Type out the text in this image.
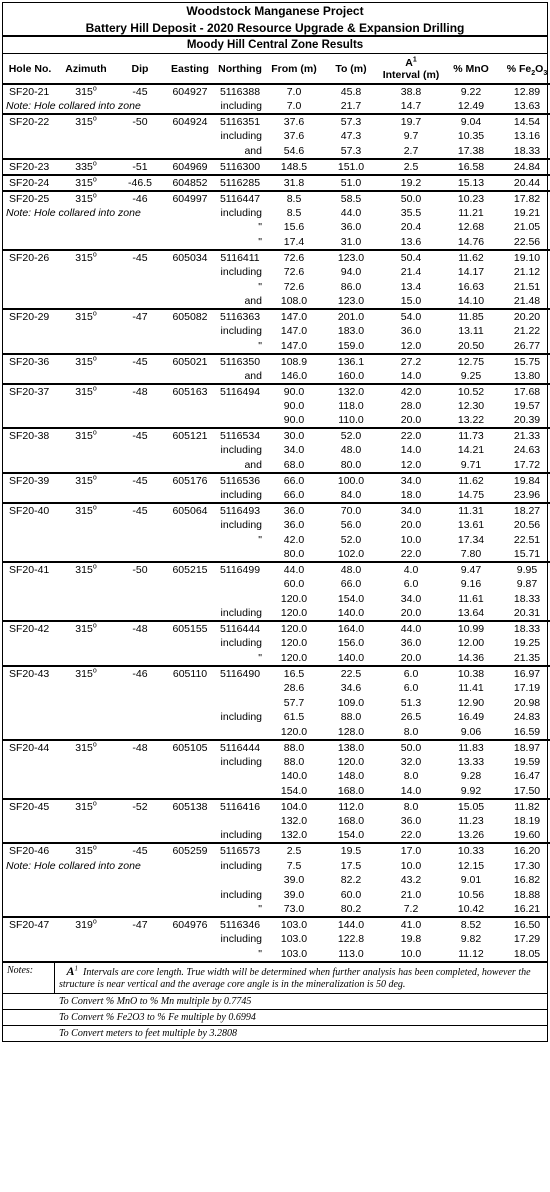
Woodstock Manganese Project
Battery Hill Deposit - 2020 Resource Upgrade & Expansion Drilling
Moody Hill Central Zone Results
Hole No.	Azimuth	Dip	Easting	Northing	From (m)	To (m)	$A^1$
Interval (m)	% MnO	% $Fe_2O_3$
SF20-21	315$^o$	-45	604927	5116388	7.0	45.8	38.8	9.22	12.89
Note: Hole collared into zone				including	7.0	21.7	14.7	12.49	13.63
SF20-22	315$^o$	-50	604924	5116351	37.6	57.3	19.7	9.04	14.54
				including	37.6	47.3	9.7	10.35	13.16
				and	54.6	57.3	2.7	17.38	18.33
SF20-23	335$^o$	-51	604969	5116300	148.5	151.0	2.5	16.58	24.84
SF20-24	315$^o$	-46.5	604852	5116285	31.8	51.0	19.2	15.13	20.44
SF20-25	315$^o$	-46	604997	5116447	8.5	58.5	50.0	10.23	17.82
Note: Hole collared into zone				including	8.5	44.0	35.5	11.21	19.21
				"	15.6	36.0	20.4	12.68	21.05
				"	17.4	31.0	13.6	14.76	22.56
SF20-26	315$^o$	-45	605034	5116411	72.6	123.0	50.4	11.62	19.10
				including	72.6	94.0	21.4	14.17	21.12
				"	72.6	86.0	13.4	16.63	21.51
				and	108.0	123.0	15.0	14.10	21.48
SF20-29	315$^o$	-47	605082	5116363	147.0	201.0	54.0	11.85	20.20
				including	147.0	183.0	36.0	13.11	21.22
				"	147.0	159.0	12.0	20.50	26.77
SF20-36	315$^o$	-45	605021	5116350	108.9	136.1	27.2	12.75	15.75
				and	146.0	160.0	14.0	9.25	13.80
SF20-37	315$^o$	-48	605163	5116494	90.0	132.0	42.0	10.52	17.68
					90.0	118.0	28.0	12.30	19.57
					90.0	110.0	20.0	13.22	20.39
SF20-38	315$^o$	-45	605121	5116534	30.0	52.0	22.0	11.73	21.33
				including	34.0	48.0	14.0	14.21	24.63
				and	68.0	80.0	12.0	9.71	17.72
SF20-39	315$^o$	-45	605176	5116536	66.0	100.0	34.0	11.62	19.84
				including	66.0	84.0	18.0	14.75	23.96
SF20-40	315$^o$	-45	605064	5116493	36.0	70.0	34.0	11.31	18.27
				including	36.0	56.0	20.0	13.61	20.56
				"	42.0	52.0	10.0	17.34	22.51
					80.0	102.0	22.0	7.80	15.71
SF20-41	315$^o$	-50	605215	5116499	44.0	48.0	4.0	9.47	9.95
					60.0	66.0	6.0	9.16	9.87
					120.0	154.0	34.0	11.61	18.33
				including	120.0	140.0	20.0	13.64	20.31
SF20-42	315$^o$	-48	605155	5116444	120.0	164.0	44.0	10.99	18.33
				including	120.0	156.0	36.0	12.00	19.25
				"	120.0	140.0	20.0	14.36	21.35
SF20-43	315$^o$	-46	605110	5116490	16.5	22.5	6.0	10.38	16.97
					28.6	34.6	6.0	11.41	17.19
					57.7	109.0	51.3	12.90	20.98
				including	61.5	88.0	26.5	16.49	24.83
					120.0	128.0	8.0	9.06	16.59
SF20-44	315$^o$	-48	605105	5116444	88.0	138.0	50.0	11.83	18.97
				including	88.0	120.0	32.0	13.33	19.59
					140.0	148.0	8.0	9.28	16.47
					154.0	168.0	14.0	9.92	17.50
SF20-45	315$^o$	-52	605138	5116416	104.0	112.0	8.0	15.05	11.82
					132.0	168.0	36.0	11.23	18.19
				including	132.0	154.0	22.0	13.26	19.60
SF20-46	315$^o$	-45	605259	5116573	2.5	19.5	17.0	10.33	16.20
Note: Hole collared into zone				including	7.5	17.5	10.0	12.15	17.30
					39.0	82.2	43.2	9.01	16.82
				including	39.0	60.0	21.0	10.56	18.88
				"	73.0	80.2	7.2	10.42	16.21
SF20-47	319$^o$	-47	604976	5116346	103.0	144.0	41.0	8.52	16.50
				including	103.0	122.8	19.8	9.82	17.29
				"	103.0	113.0	10.0	11.12	18.05
Notes:	$A^1$ Intervals are core length. True width will be determined when further analysis has been completed, however the structure is near vertical and the average core angle is in the mineralization is 50 deg.
To Convert % MnO to % Mn multiple by 0.7745
To Convert % Fe2O3 to % Fe multiple by 0.6994
To Convert meters to feet multiple by 3.2808
